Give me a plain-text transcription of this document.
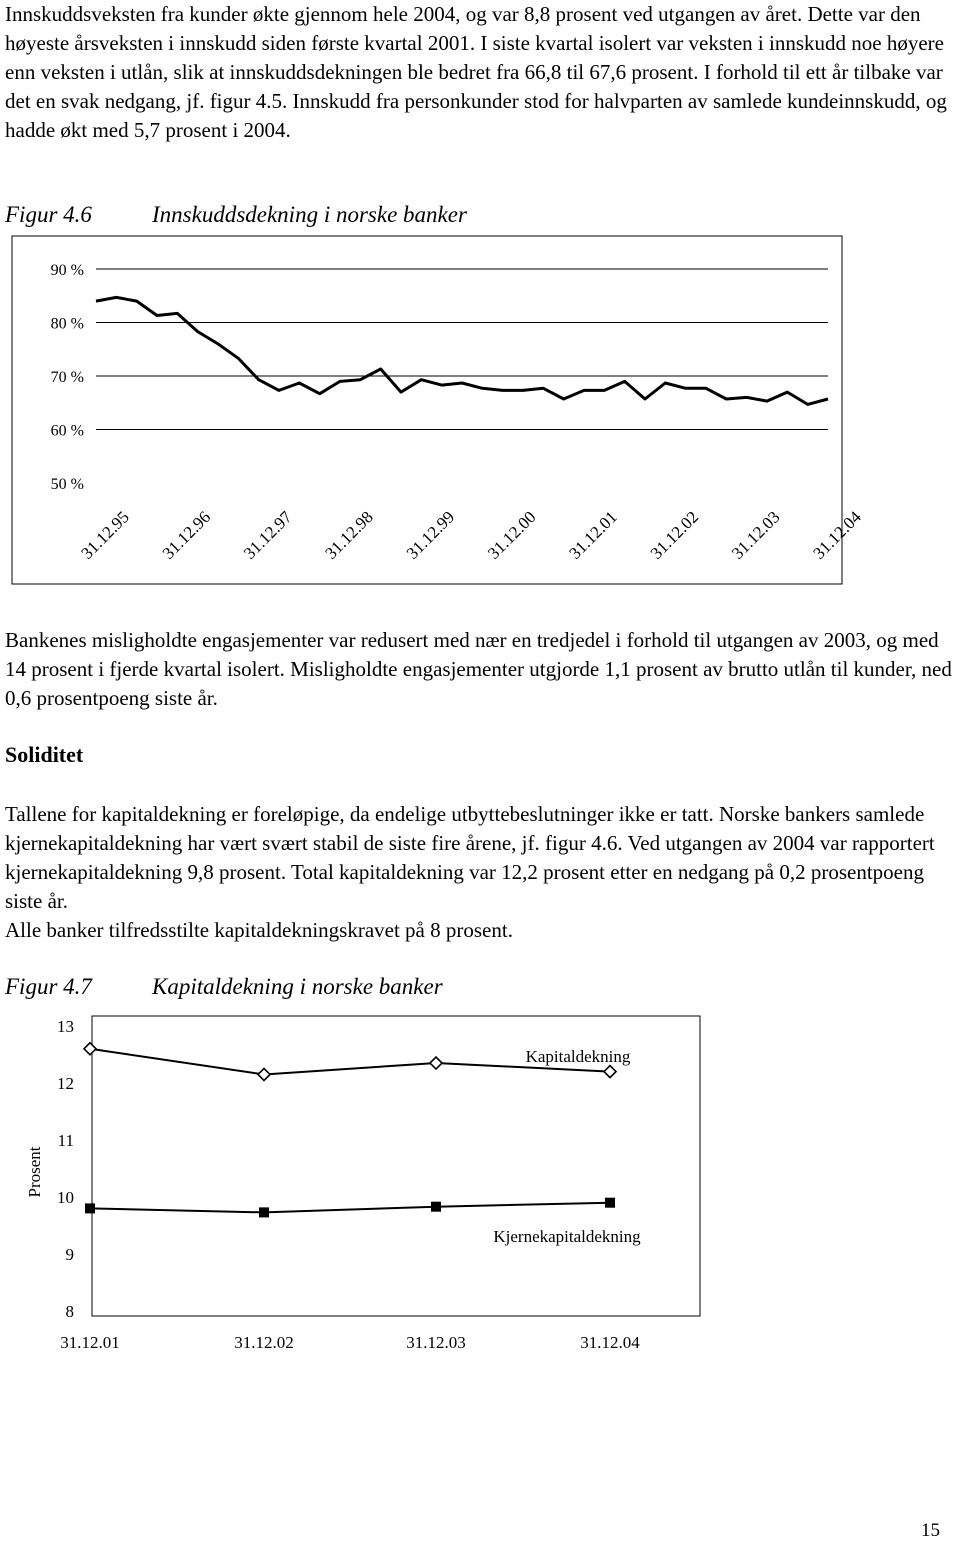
Innskuddsveksten fra kunder økte gjennom hele 2004, og var 8,8 prosent ved utgangen av året. Dette var den høyeste årsveksten i innskudd siden første kvartal 2001. I siste kvartal isolert var veksten i innskudd noe høyere enn veksten i utlån, slik at innskuddsdekningen ble bedret fra 66,8 til 67,6 prosent. I forhold til ett år tilbake var det en svak nedgang, jf. figur 4.5. Innskudd fra personkunder stod for halvparten av samlede kundeinnskudd, og hadde økt med 5,7 prosent i 2004.

Figur 4.6	Innskuddsdekning i norske banker
90 %
80 %
70 %
60 %
50 %
31.12.95 31.12.96 31.12.97 31.12.98 31.12.99 31.12.00 31.12.01 31.12.02 31.12.03 31.12.04

Bankenes misligholdte engasjementer var redusert med nær en tredjedel i forhold til utgangen av 2003, og med 14 prosent i fjerde kvartal isolert. Misligholdte engasjementer utgjorde 1,1 prosent av brutto utlån til kunder, ned 0,6 prosentpoeng siste år.

Soliditet

Tallene for kapitaldekning er foreløpige, da endelige utbyttebeslutninger ikke er tatt. Norske bankers samlede kjernekapitaldekning har vært svært stabil de siste fire årene, jf. figur 4.6. Ved utgangen av 2004 var rapportert kjernekapitaldekning 9,8 prosent. Total kapitaldekning var 12,2 prosent etter en nedgang på 0,2 prosentpoeng siste år.

Alle banker tilfredsstilte kapitaldekningskravet på 8 prosent.

Figur 4.7	Kapitaldekning i norske banker
13
12
11
10
9
8
Prosent
31.12.01	31.12.02	31.12.03	31.12.04
Kapitaldekning
Kjernekapitaldekning
15
